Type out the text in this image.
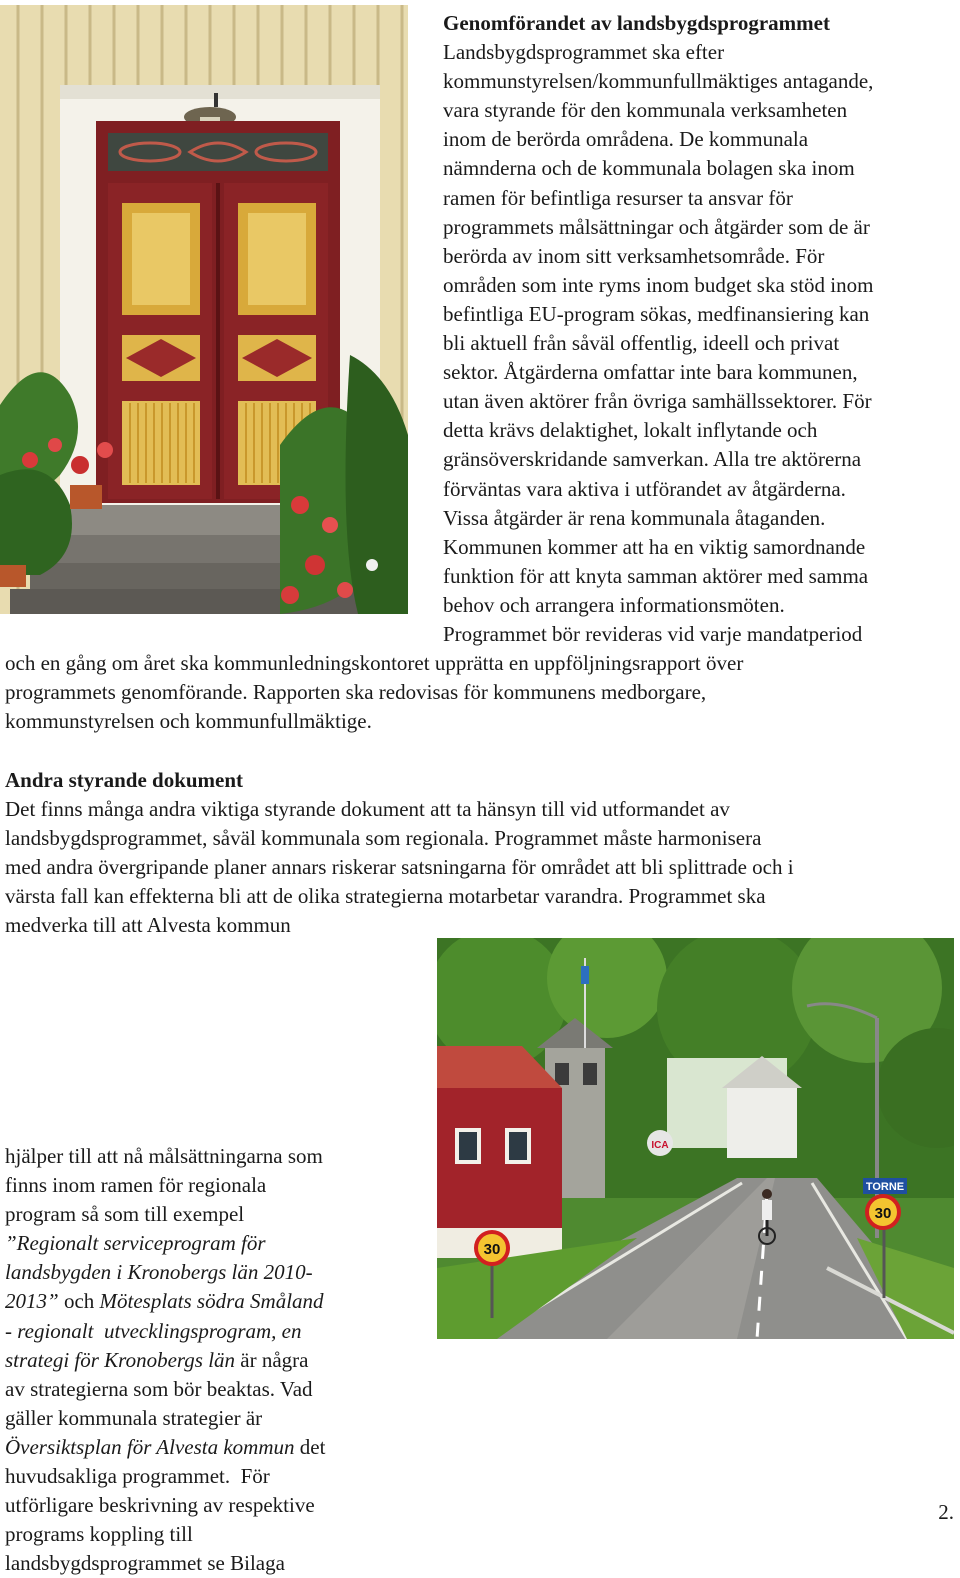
Genomförandet av landsbygdsprogrammet
Landsbygdsprogrammet ska efter
kommunstyrelsen/kommunfullmäktiges antagande,
vara styrande för den kommunala verksamheten
inom de berörda områdena. De kommunala
nämnderna och de kommunala bolagen ska inom
ramen för befintliga resurser ta ansvar för
programmets målsättningar och åtgärder som de är
berörda av inom sitt verksamhetsområde. För
områden som inte ryms inom budget ska stöd inom
befintliga EU-program sökas, medfinansiering kan
bli aktuell från såväl offentlig, ideell och privat
sektor. Åtgärderna omfattar inte bara kommunen,
utan även aktörer från övriga samhällssektorer. För
detta krävs delaktighet, lokalt inflytande och
gränsöverskridande samverkan. Alla tre aktörerna
förväntas vara aktiva i utförandet av åtgärderna.
Vissa åtgärder är rena kommunala åtaganden.
Kommunen kommer att ha en viktig samordnande
funktion för att knyta samman aktörer med samma
behov och arrangera informationsmöten.
Programmet bör revideras vid varje mandatperiod
och en gång om året ska kommunledningskontoret upprätta en uppföljningsrapport över
programmets genomförande. Rapporten ska redovisas för kommunens medborgare,
kommunstyrelsen och kommunfullmäktige.
Andra styrande dokument
Det finns många andra viktiga styrande dokument att ta hänsyn till vid utformandet av
landsbygdsprogrammet, såväl kommunala som regionala. Programmet måste harmonisera
med andra övergripande planer annars riskerar satsningarna för området att bli splittrade och i
värsta fall kan effekterna bli att de olika strategierna motarbetar varandra. Programmet ska
medverka till att Alvesta kommun
hjälper till att nå målsättningarna som
finns inom ramen för regionala
program så som till exempel
”Regionalt serviceprogram för
landsbygden i Kronobergs län 2010-
2013” och Mötesplats södra Småland
- regionalt  utvecklingsprogram, en
strategi för Kronobergs län är några
av strategierna som bör beaktas. Vad
gäller kommunala strategier är
Översiktsplan för Alvesta kommun det
huvudsakliga programmet.  För
utförligare beskrivning av respektive
programs koppling till
landsbygdsprogrammet se Bilaga
ICA
30
TORNE
30
2.
